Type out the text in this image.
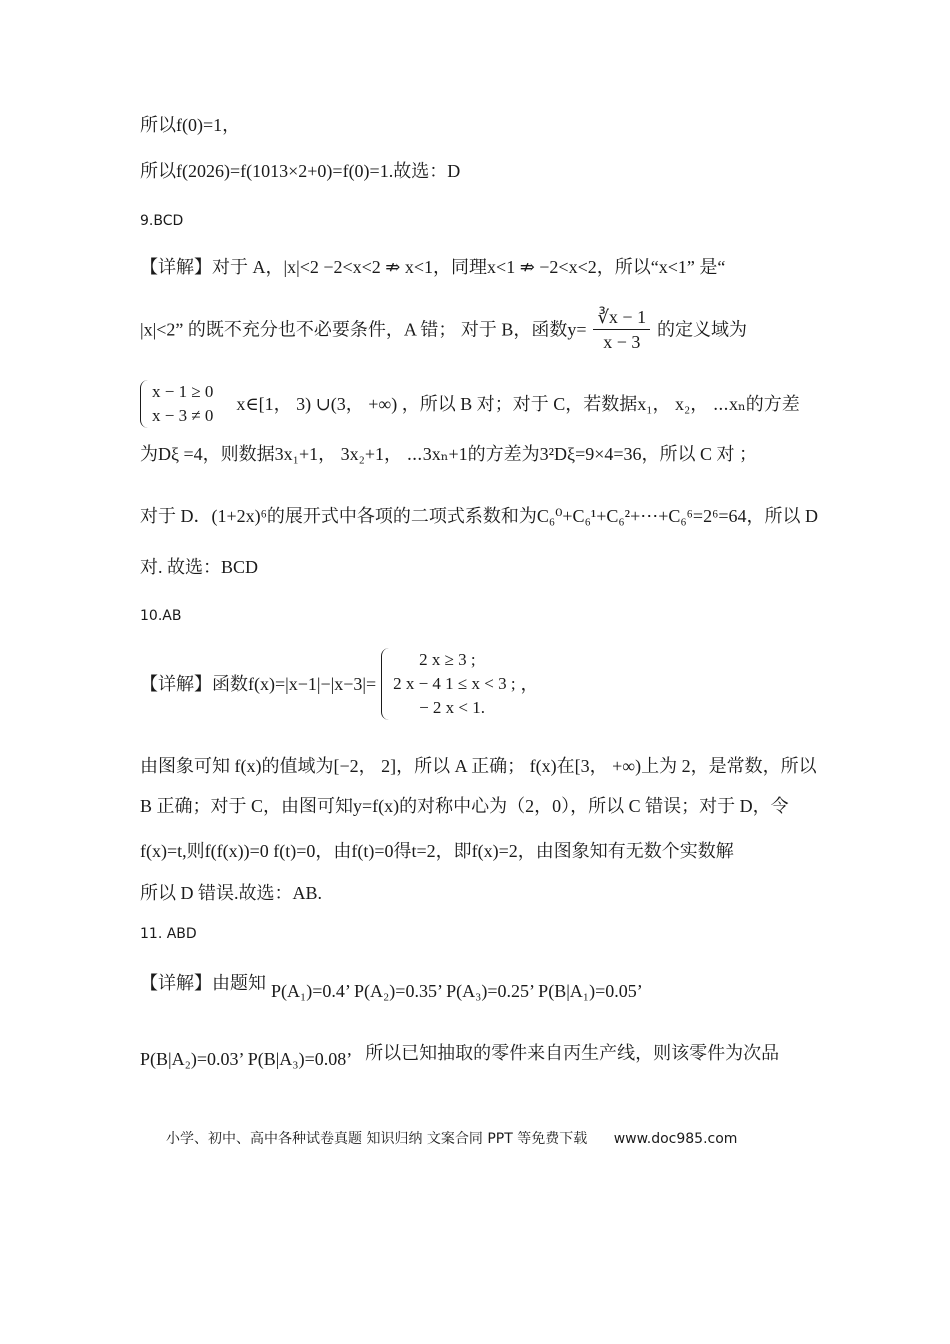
所以f(0)=1，
所以f(2026)=f(1013×2+0)=f(0)=1.故选：D
9.BCD
【详解】对于 A，|x|<2 −2<x<2 ⇏ x<1，同理x<1 ⇏ −2<x<2，所以“x<1” 是“
|x|<2” 的既不充分也不必要条件，A 错； 对于 B，函数$y= \frac{∛x - 1}{x - 3}$ 的定义域为
x − 1 ≥ 0
x − 3 ≠ 0
x∈[1， 3) ∪(3， +∞) ，所以 B 对；对于 C，若数据x₁， x₂， ⋯xₙ的方差
为Dξ =4，则数据3x₁+1， 3x₂+1， ⋯3xₙ+1的方差为3²Dξ=9×4=36，所以 C 对 ；
对于 D．(1+2x)⁶的展开式中各项的二项式系数和为C₆⁰+C₆¹+C₆²+⋯+C₆⁶=2⁶=64，所以 D
对. 故选：BCD
10.AB
【详解】函数f(x)=|x−1|−|x−3|=
2 x ≥ 3 ;
2 x − 4 1 ≤ x < 3 ;
− 2 x < 1.
，
由图象可知 f(x)的值域为[−2， 2]，所以 A 正确； f(x)在[3， +∞)上为 2，是常数，所以
B 正确；对于 C，由图可知y=f(x)的对称中心为（2，0），所以 C 错误；对于 D，令
f(x)=t,则f(f(x))=0 f(t)=0，由f(t)=0得t=2，即f(x)=2，由图象知有无数个实数解
所以 D 错误.故选：AB.
11. ABD
【详解】由题知 P(A₁)=0.4’ P(A₂)=0.35’ P(A₃)=0.25’ P(B|A₁)=0.05’
P(B|A₂)=0.03’ P(B|A₃)=0.08’ 所以已知抽取的零件来自丙生产线，则该零件为次品
小学、初中、高中各种试卷真题 知识归纳 文案合同 PPT 等免费下载 www.doc985.com
